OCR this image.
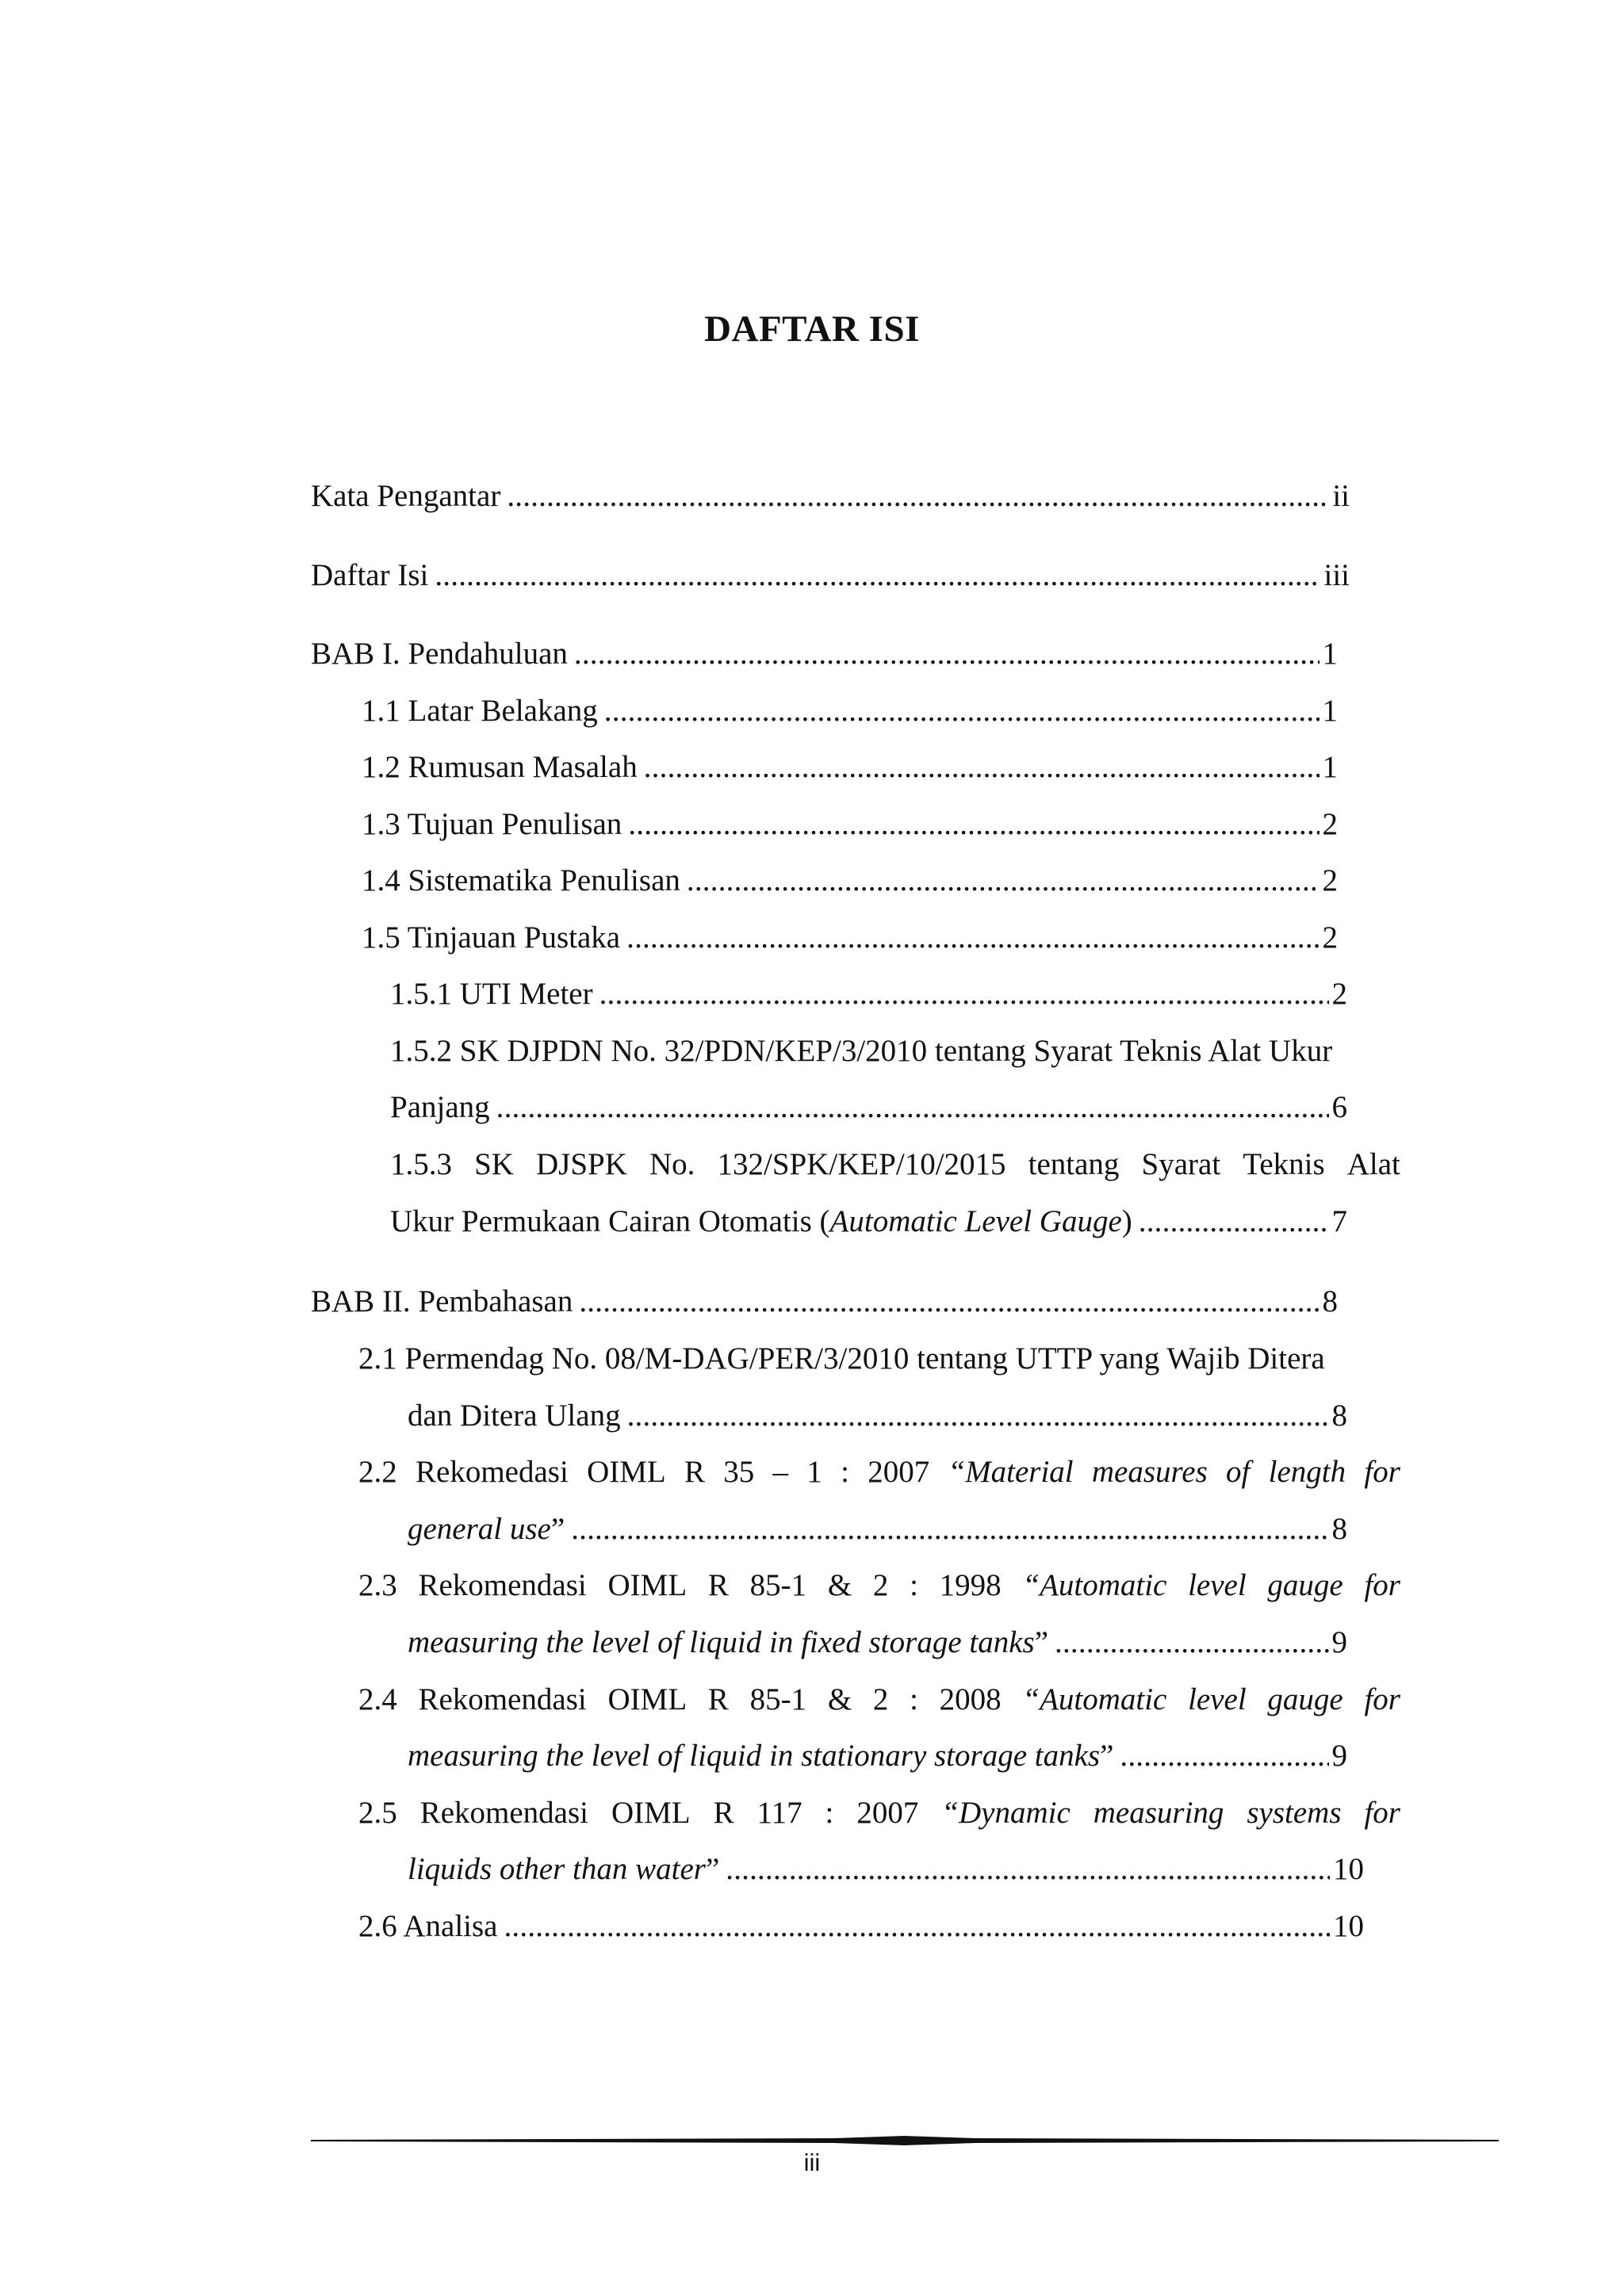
DAFTAR ISI
Kata Pengantar .....	ii
Daftar Isi .....	iii
BAB I. Pendahuluan .....	1
1.1 Latar Belakang .....	1
1.2 Rumusan Masalah .....	1
1.3 Tujuan Penulisan .....	2
1.4 Sistematika Penulisan .....	2
1.5 Tinjauan Pustaka .....	2
1.5.1 UTI Meter .....	2
1.5.2 SK DJPDN No. 32/PDN/KEP/3/2010 tentang Syarat Teknis Alat Ukur
Panjang .....	6
1.5.3 SK DJSPK No. 132/SPK/KEP/10/2015 tentang Syarat Teknis Alat
Ukur Permukaan Cairan Otomatis (Automatic Level Gauge) .....	7
BAB II. Pembahasan .....	8
2.1 Permendag No. 08/M-DAG/PER/3/2010 tentang UTTP yang Wajib Ditera
dan Ditera Ulang .....	8
2.2 Rekomedasi OIML R 35 – 1 : 2007 “Material measures of length for
general use” .....	8
2.3 Rekomendasi OIML R 85-1 & 2 : 1998 “Automatic level gauge for
measuring the level of liquid in fixed storage tanks” .....	9
2.4 Rekomendasi OIML R 85-1 & 2 : 2008 “Automatic level gauge for
measuring the level of liquid in stationary storage tanks” .....	9
2.5 Rekomendasi OIML R 117 : 2007 “Dynamic measuring systems for
liquids other than water” .....	10
2.6 Analisa .....	10
iii
